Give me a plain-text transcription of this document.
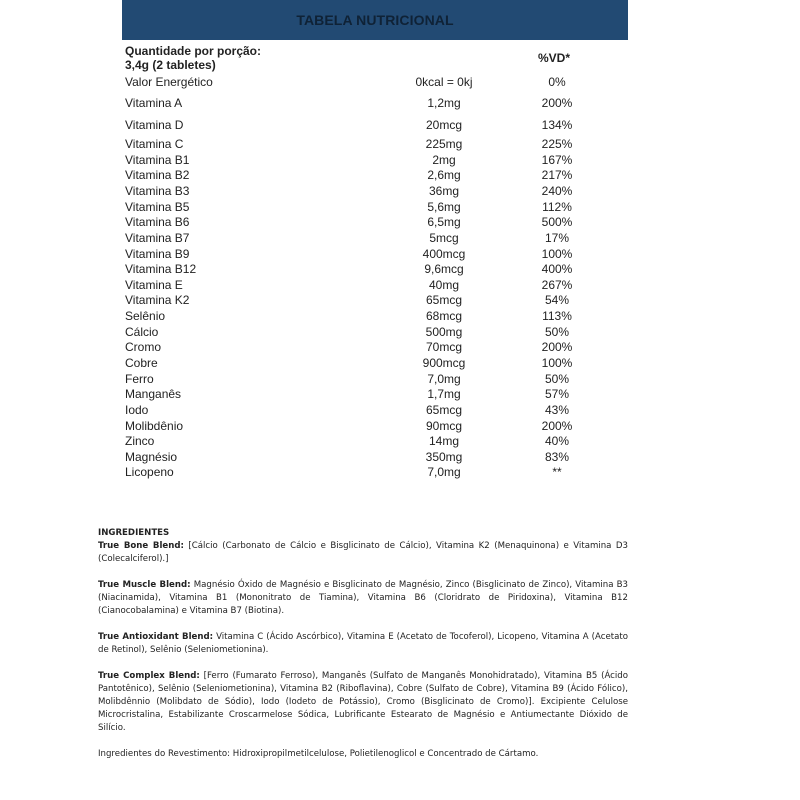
TABELA NUTRICIONAL
Quantidade por porção:
3,4g (2 tabletes)	%VD*
Valor Energético	0kcal = 0kj	0%
Vitamina A	1,2mg	200%
Vitamina D	20mcg	134%
Vitamina C	225mg	225%
Vitamina B1	2mg	167%
Vitamina B2	2,6mg	217%
Vitamina B3	36mg	240%
Vitamina B5	5,6mg	112%
Vitamina B6	6,5mg	500%
Vitamina B7	5mcg	17%
Vitamina B9	400mcg	100%
Vitamina B12	9,6mcg	400%
Vitamina E	40mg	267%
Vitamina K2	65mcg	54%
Selênio	68mcg	113%
Cálcio	500mg	50%
Cromo	70mcg	200%
Cobre	900mcg	100%
Ferro	7,0mg	50%
Manganês	1,7mg	57%
Iodo	65mcg	43%
Molibdênio	90mcg	200%
Zinco	14mg	40%
Magnésio	350mg	83%
Licopeno	7,0mg	**
INGREDIENTES

True Bone Blend: [Cálcio (Carbonato de Cálcio e Bisglicinato de Cálcio), Vitamina K2 (Menaquinona) e Vitamina D3 (Colecalciferol).]

True Muscle Blend: Magnésio Óxido de Magnésio e Bisglicinato de Magnésio, Zinco (Bisglicinato de Zinco), Vitamina B3 (Niacinamida), Vitamina B1 (Mononitrato de Tiamina), Vitamina B6 (Cloridrato de Piridoxina), Vitamina B12 (Cianocobalamina) e Vitamina B7 (Biotina).

True Antioxidant Blend: Vitamina C (Ácido Ascórbico), Vitamina E (Acetato de Tocoferol), Licopeno, Vitamina A (Acetato de Retinol), Selênio (Seleniometionina).

True Complex Blend: [Ferro (Fumarato Ferroso), Manganês (Sulfato de Manganês Monohidratado), Vitamina B5 (Ácido Pantotênico), Selênio (Seleniometionina), Vitamina B2 (Riboflavina), Cobre (Sulfato de Cobre), Vitamina B9 (Ácido Fólico), Molibdênnio (Molibdato de Sódio), Iodo (Iodeto de Potássio), Cromo (Bisglicinato de Cromo)]. Excipiente Celulose Microcristalina, Estabilizante Croscarmelose Sódica, Lubrificante Estearato de Magnésio e Antiumectante Dióxido de Silício.

Ingredientes do Revestimento: Hidroxipropilmetilcelulose, Polietilenoglicol e Concentrado de Cártamo.
